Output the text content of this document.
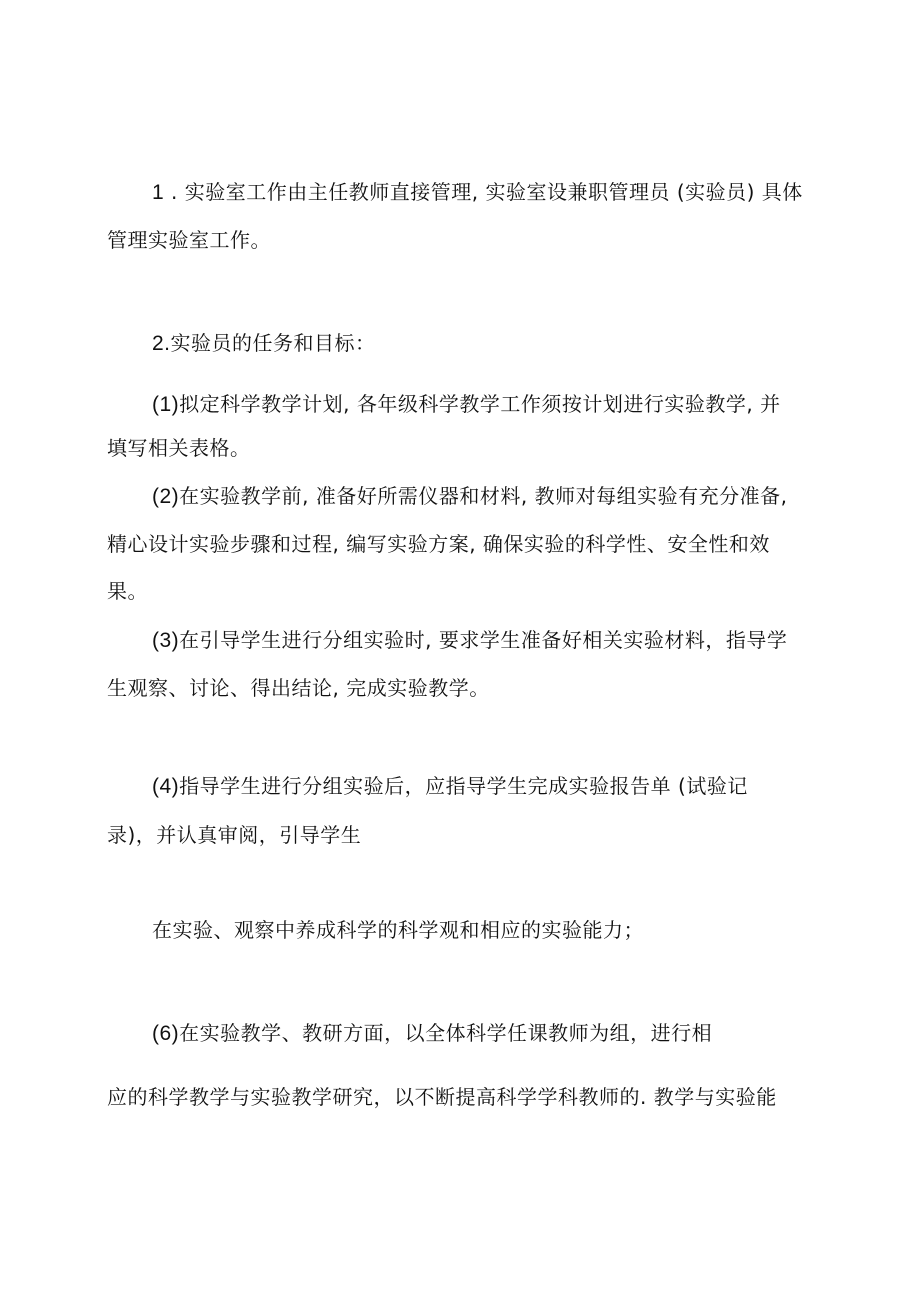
1 . 实验室工作由主任教师直接管理, 实验室设兼职管理员 (实验员) 具体
管理实验室工作。
2.实验员的任务和目标：
(1)拟定科学教学计划, 各年级科学教学工作须按计划进行实验教学, 并
填写相关表格。
(2)在实验教学前, 准备好所需仪器和材料, 教师对每组实验有充分准备,
精心设计实验步骤和过程, 编写实验方案, 确保实验的科学性、安全性和效
果。
(3)在引导学生进行分组实验时, 要求学生准备好相关实验材料，指导学
生观察、讨论、得出结论, 完成实验教学。
(4)指导学生进行分组实验后，应指导学生完成实验报告单 (试验记
录)，并认真审阅，引导学生
在实验、观察中养成科学的科学观和相应的实验能力；
(6)在实验教学、教研方面，以全体科学任课教师为组，进行相
应的科学教学与实验教学研究，以不断提高科学学科教师的. 教学与实验能
